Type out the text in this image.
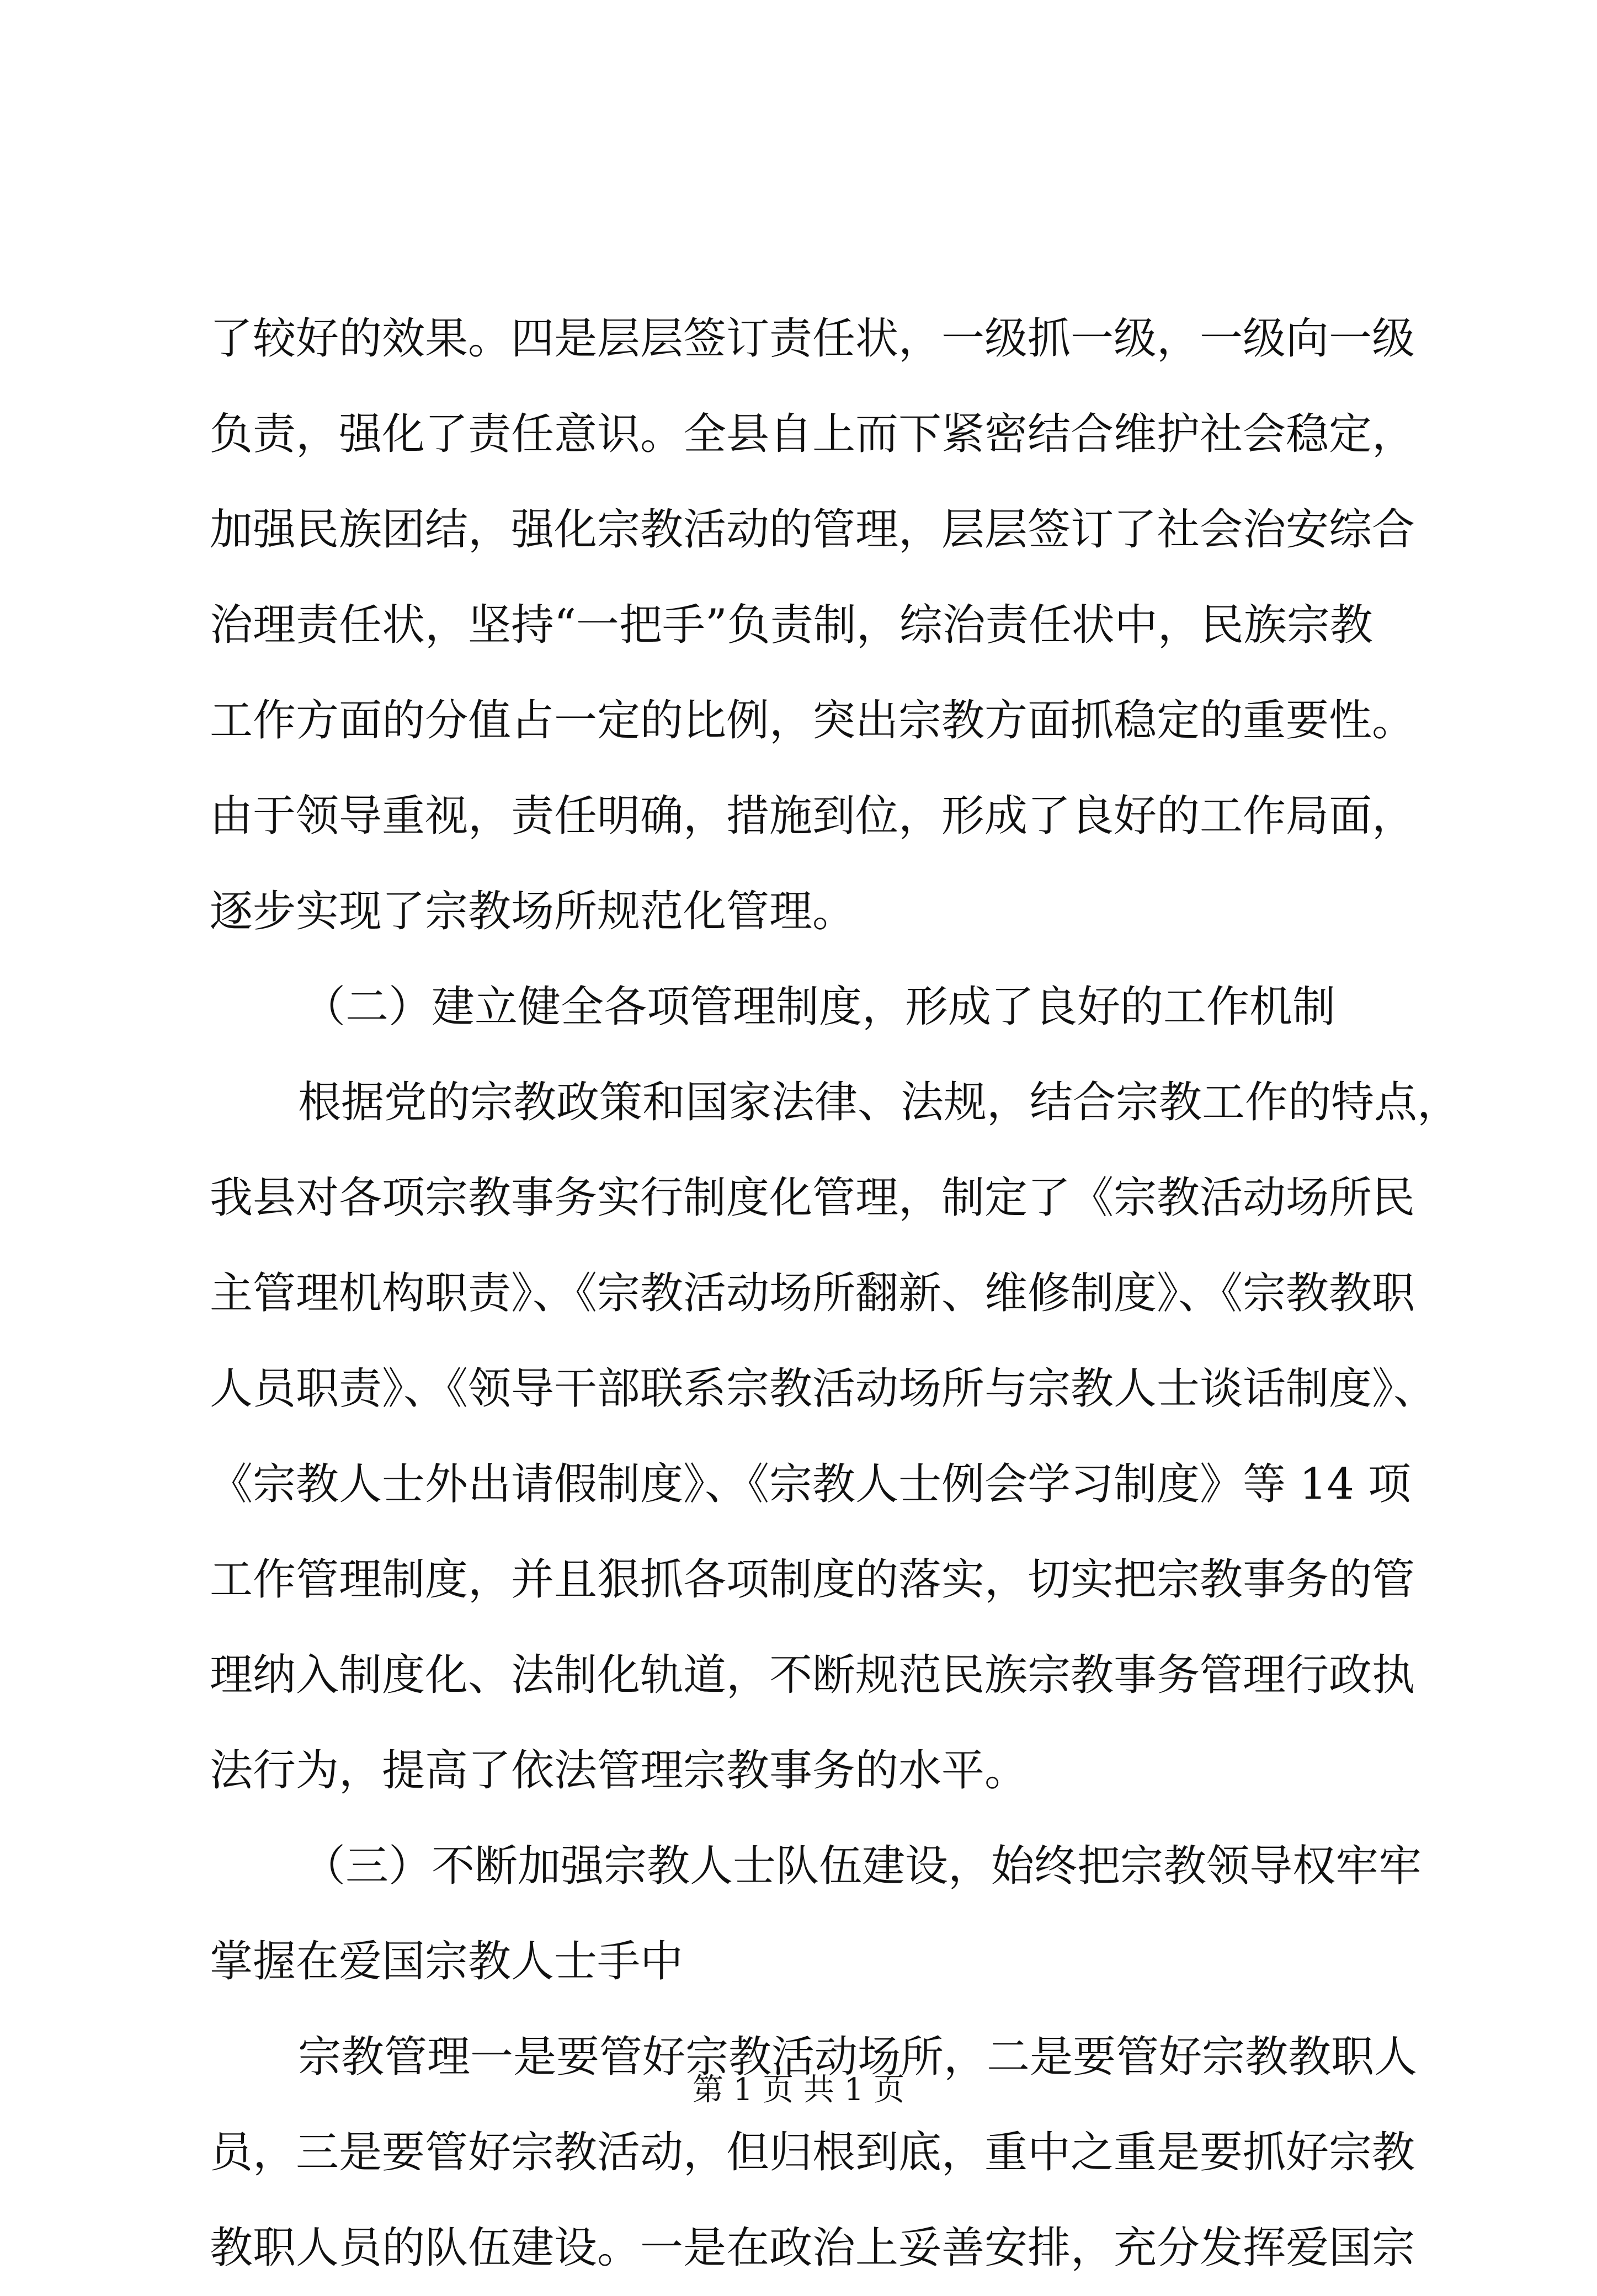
了较好的效果。四是层层签订责任状，一级抓一级，一级向一级
负责，强化了责任意识。全县自上而下紧密结合维护社会稳定，
加强民族团结，强化宗教活动的管理，层层签订了社会治安综合
治理责任状，坚持“一把手”负责制，综治责任状中，民族宗教
工作方面的分值占一定的比例，突出宗教方面抓稳定的重要性。
由于领导重视，责任明确，措施到位，形成了良好的工作局面，
逐步实现了宗教场所规范化管理。
（二）建立健全各项管理制度，形成了良好的工作机制
根据党的宗教政策和国家法律、法规，结合宗教工作的特点，
我县对各项宗教事务实行制度化管理，制定了《宗教活动场所民
主管理机构职责》、《宗教活动场所翻新、维修制度》、《宗教教职
人员职责》、《领导干部联系宗教活动场所与宗教人士谈话制度》、
《宗教人士外出请假制度》、《宗教人士例会学习制度》等 14 项
工作管理制度，并且狠抓各项制度的落实，切实把宗教事务的管
理纳入制度化、法制化轨道，不断规范民族宗教事务管理行政执
法行为，提高了依法管理宗教事务的水平。
（三）不断加强宗教人士队伍建设，始终把宗教领导权牢牢
掌握在爱国宗教人士手中
宗教管理一是要管好宗教活动场所，二是要管好宗教教职人
员，三是要管好宗教活动，但归根到底，重中之重是要抓好宗教
教职人员的队伍建设。一是在政治上妥善安排，充分发挥爱国宗
第 1 页 共 1 页
